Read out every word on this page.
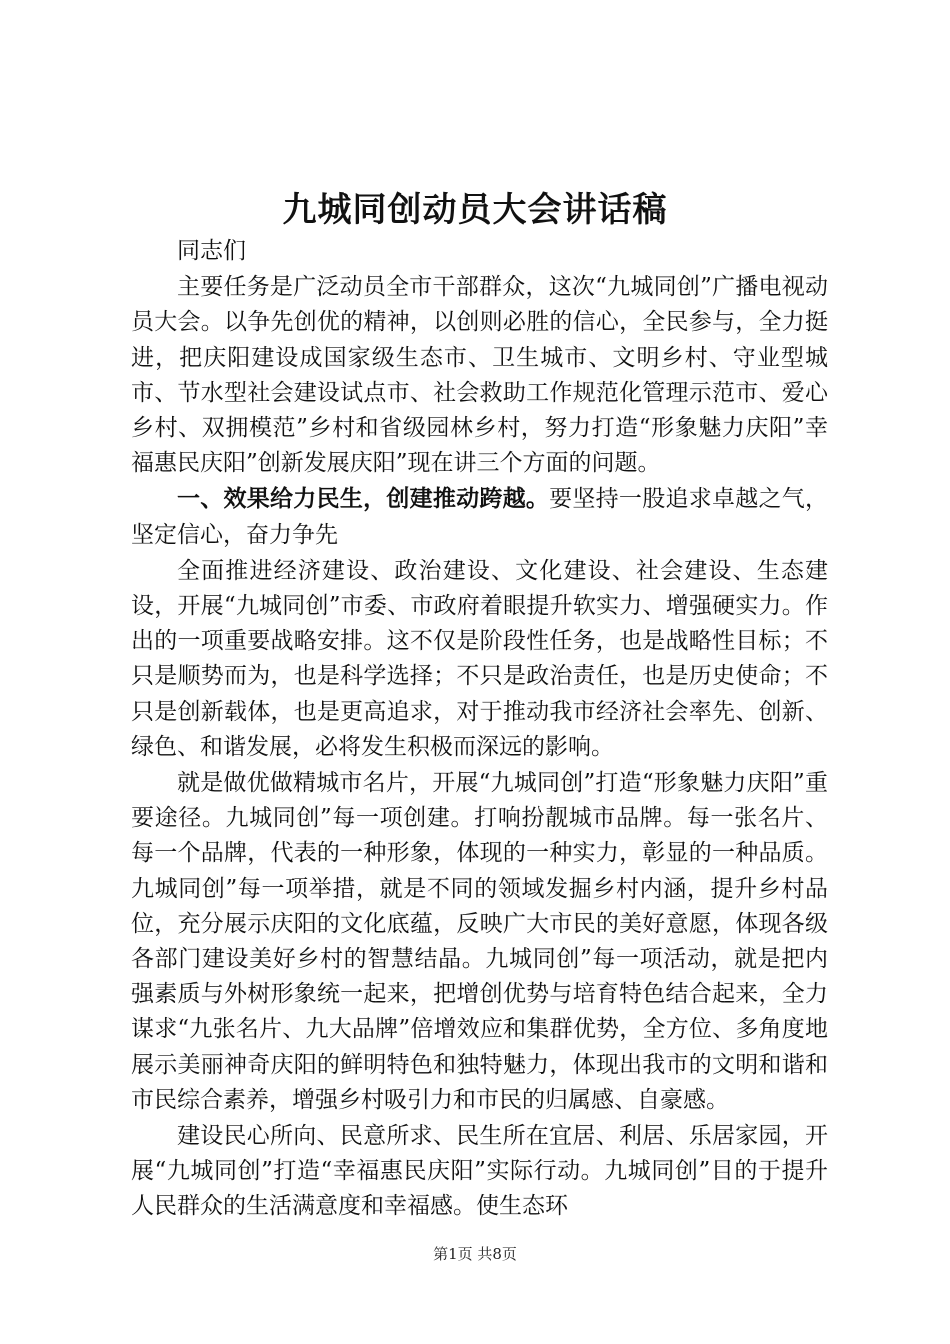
九城同创动员大会讲话稿

同志们

主要任务是广泛动员全市干部群众，这次“九城同创”广播电视动员大会。以争先创优的精神，以创则必胜的信心，全民参与，全力挺进，把庆阳建设成国家级生态市、卫生城市、文明乡村、守业型城市、节水型社会建设试点市、社会救助工作规范化管理示范市、爱心乡村、双拥模范”乡村和省级园林乡村，努力打造“形象魅力庆阳”幸福惠民庆阳”创新发展庆阳”现在讲三个方面的问题。

一、效果给力民生，创建推动跨越。要坚持一股追求卓越之气，坚定信心，奋力争先

全面推进经济建设、政治建设、文化建设、社会建设、生态建设，开展“九城同创”市委、市政府着眼提升软实力、增强硬实力。作出的一项重要战略安排。这不仅是阶段性任务，也是战略性目标；不只是顺势而为，也是科学选择；不只是政治责任，也是历史使命；不只是创新载体，也是更高追求，对于推动我市经济社会率先、创新、绿色、和谐发展，必将发生积极而深远的影响。

就是做优做精城市名片，开展“九城同创”打造“形象魅力庆阳”重要途径。九城同创”每一项创建。打响扮靓城市品牌。每一张名片、每一个品牌，代表的一种形象，体现的一种实力，彰显的一种品质。九城同创”每一项举措，就是不同的领域发掘乡村内涵，提升乡村品位，充分展示庆阳的文化底蕴，反映广大市民的美好意愿，体现各级各部门建设美好乡村的智慧结晶。九城同创”每一项活动，就是把内强素质与外树形象统一起来，把增创优势与培育特色结合起来，全力谋求“九张名片、九大品牌”倍增效应和集群优势，全方位、多角度地展示美丽神奇庆阳的鲜明特色和独特魅力，体现出我市的文明和谐和市民综合素养，增强乡村吸引力和市民的归属感、自豪感。

建设民心所向、民意所求、民生所在宜居、利居、乐居家园，开展“九城同创”打造“幸福惠民庆阳”实际行动。九城同创”目的于提升人民群众的生活满意度和幸福感。使生态环

第1页 共8页
